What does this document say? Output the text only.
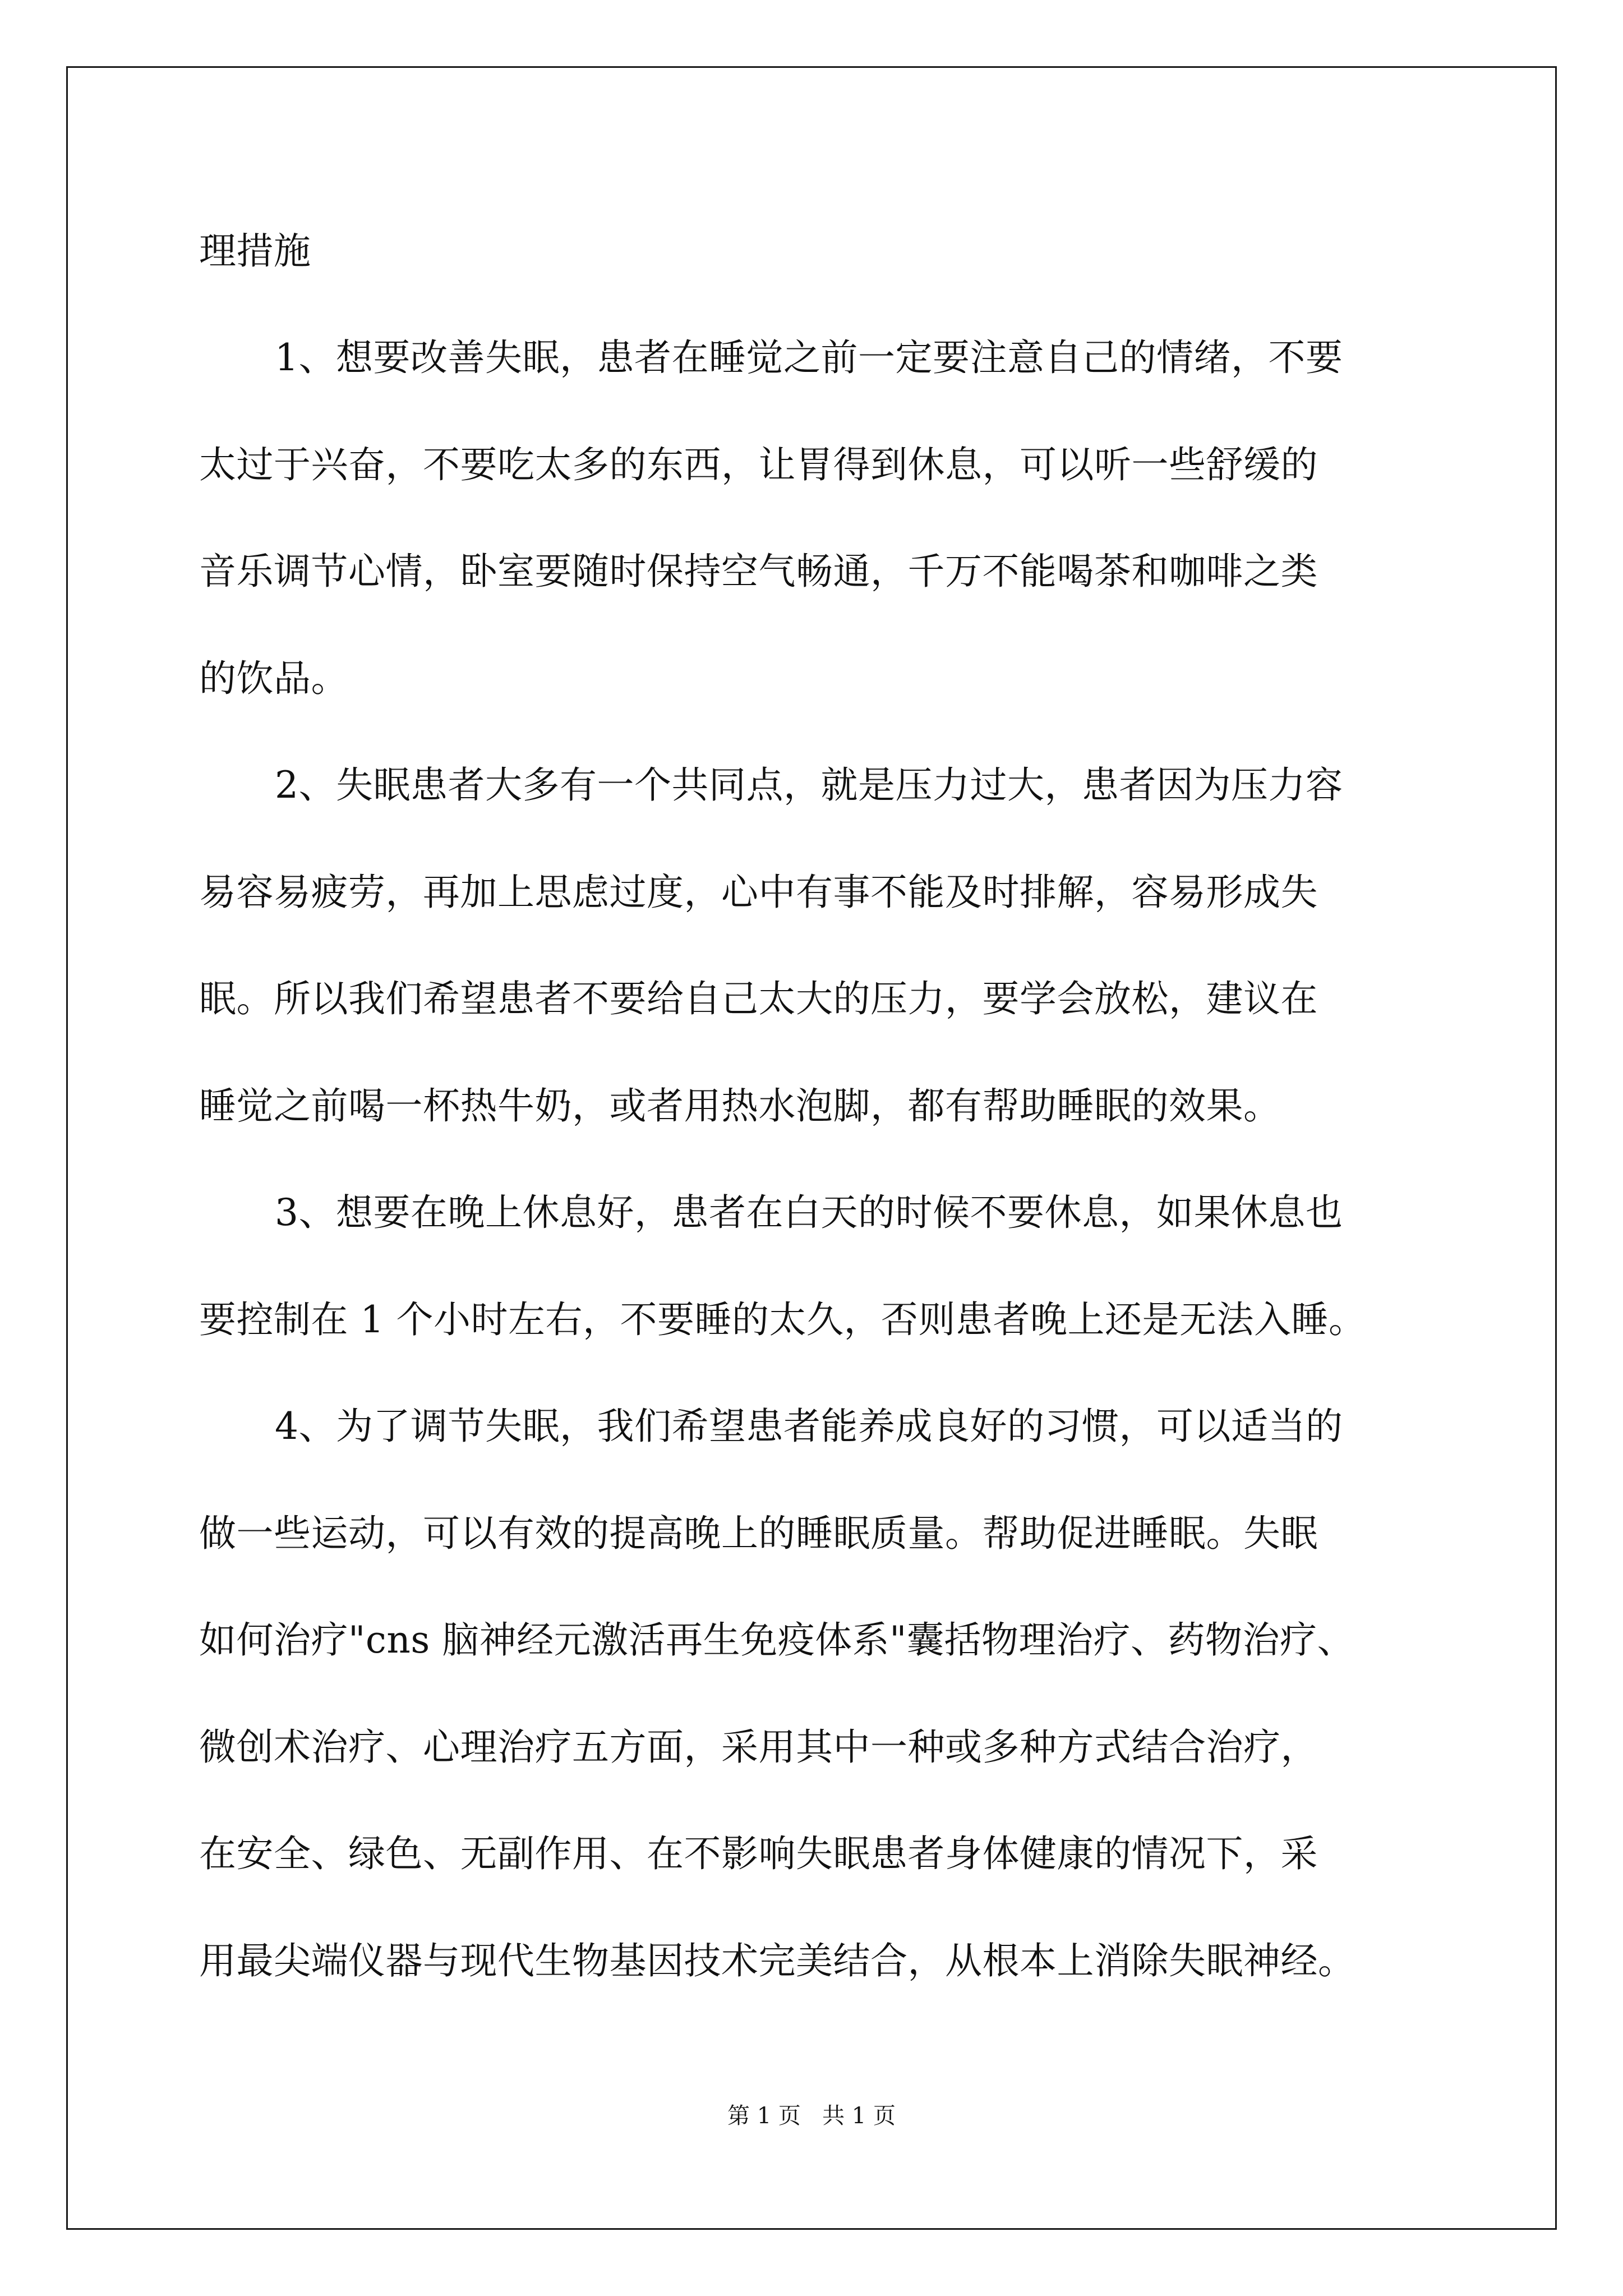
理措施
1、想要改善失眠，患者在睡觉之前一定要注意自己的情绪，不要
太过于兴奋，不要吃太多的东西，让胃得到休息，可以听一些舒缓的
音乐调节心情，卧室要随时保持空气畅通，千万不能喝茶和咖啡之类
的饮品。
2、失眠患者大多有一个共同点，就是压力过大，患者因为压力容
易容易疲劳，再加上思虑过度，心中有事不能及时排解，容易形成失
眠。所以我们希望患者不要给自己太大的压力，要学会放松，建议在
睡觉之前喝一杯热牛奶，或者用热水泡脚，都有帮助睡眠的效果。
3、想要在晚上休息好，患者在白天的时候不要休息，如果休息也
要控制在 1 个小时左右，不要睡的太久，否则患者晚上还是无法入睡。
4、为了调节失眠，我们希望患者能养成良好的习惯，可以适当的
做一些运动，可以有效的提高晚上的睡眠质量。帮助促进睡眠。失眠
如何治疗"cns 脑神经元激活再生免疫体系"囊括物理治疗、药物治疗、
微创术治疗、心理治疗五方面，采用其中一种或多种方式结合治疗，
在安全、绿色、无副作用、在不影响失眠患者身体健康的情况下，采
用最尖端仪器与现代生物基因技术完美结合，从根本上消除失眠神经。
第 1 页   共 1 页
